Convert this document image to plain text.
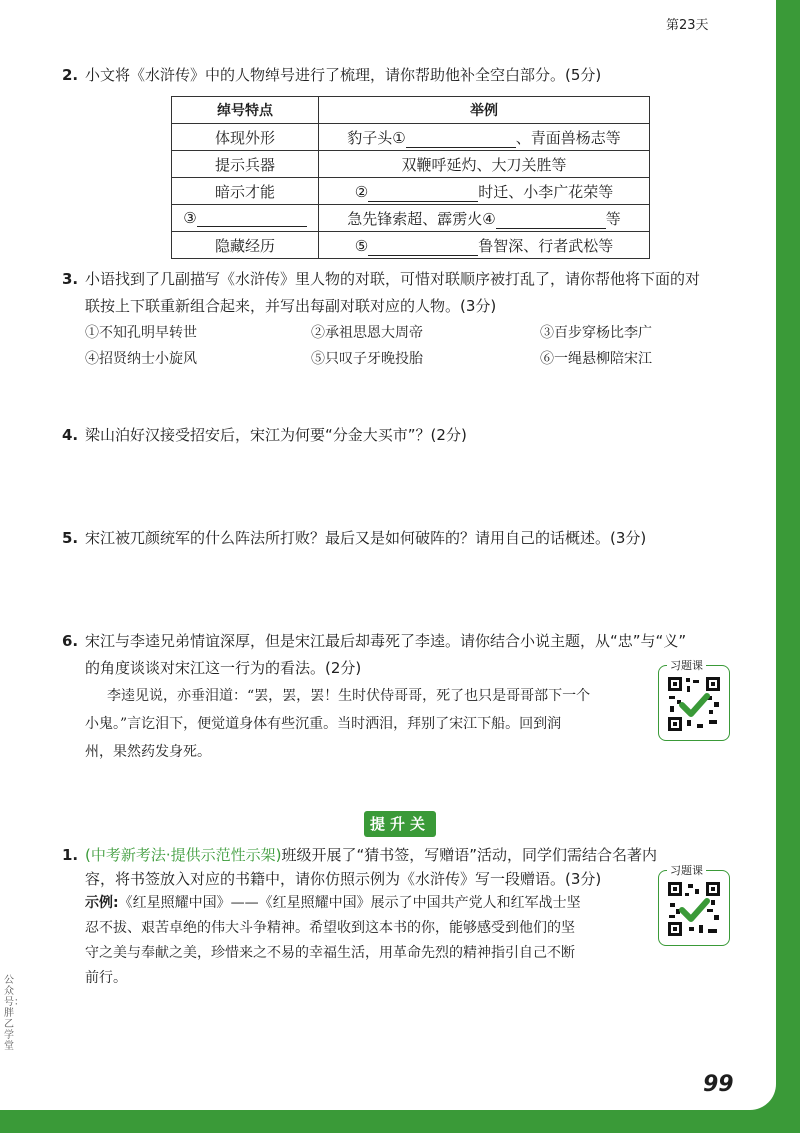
第23天
2. 小文将《水浒传》中的人物绰号进行了梳理，请你帮助他补全空白部分。(5分)
绰号特点	举例
体现外形	豹子头① 、青面兽杨志等
提示兵器	双鞭呼延灼、大刀关胜等
暗示才能	② 时迁、小李广花荣等
③	急先锋索超、霹雳火④ 等
隐藏经历	⑤ 鲁智深、行者武松等
3. 小语找到了几副描写《水浒传》里人物的对联，可惜对联顺序被打乱了，请你帮他将下面的对
联按上下联重新组合起来，并写出每副对联对应的人物。(3分)
①不知孔明早转世	②承祖思恩大周帝	③百步穿杨比李广
④招贤纳士小旋风	⑤只叹子牙晚投胎	⑥一绳悬柳陪宋江
4. 梁山泊好汉接受招安后，宋江为何要“分金大买市”？(2分)
5. 宋江被兀颜统军的什么阵法所打败？最后又是如何破阵的？请用自己的话概述。(3分)
6. 宋江与李逵兄弟情谊深厚，但是宋江最后却毒死了李逵。请你结合小说主题，从“忠”与“义”
的角度谈谈对宋江这一行为的看法。(2分)
李逵见说，亦垂泪道：“罢，罢，罢！生时伏侍哥哥，死了也只是哥哥部下一个
小鬼。”言讫泪下，便觉道身体有些沉重。当时洒泪，拜别了宋江下船。回到润
州，果然药发身死。
习题课
提升关
1. (中考新考法·提供示范性示架)班级开展了“猜书签，写赠语”活动，同学们需结合名著内
容，将书签放入对应的书籍中，请你仿照示例为《水浒传》写一段赠语。(3分)
示例:《红星照耀中国》——《红星照耀中国》展示了中国共产党人和红军战士坚
忍不拔、艰苦卓绝的伟大斗争精神。希望收到这本书的你，能够感受到他们的坚
守之美与奉献之美，珍惜来之不易的幸福生活，用革命先烈的精神指引自己不断
前行。
习题课
公众号：胖乙学堂
99
